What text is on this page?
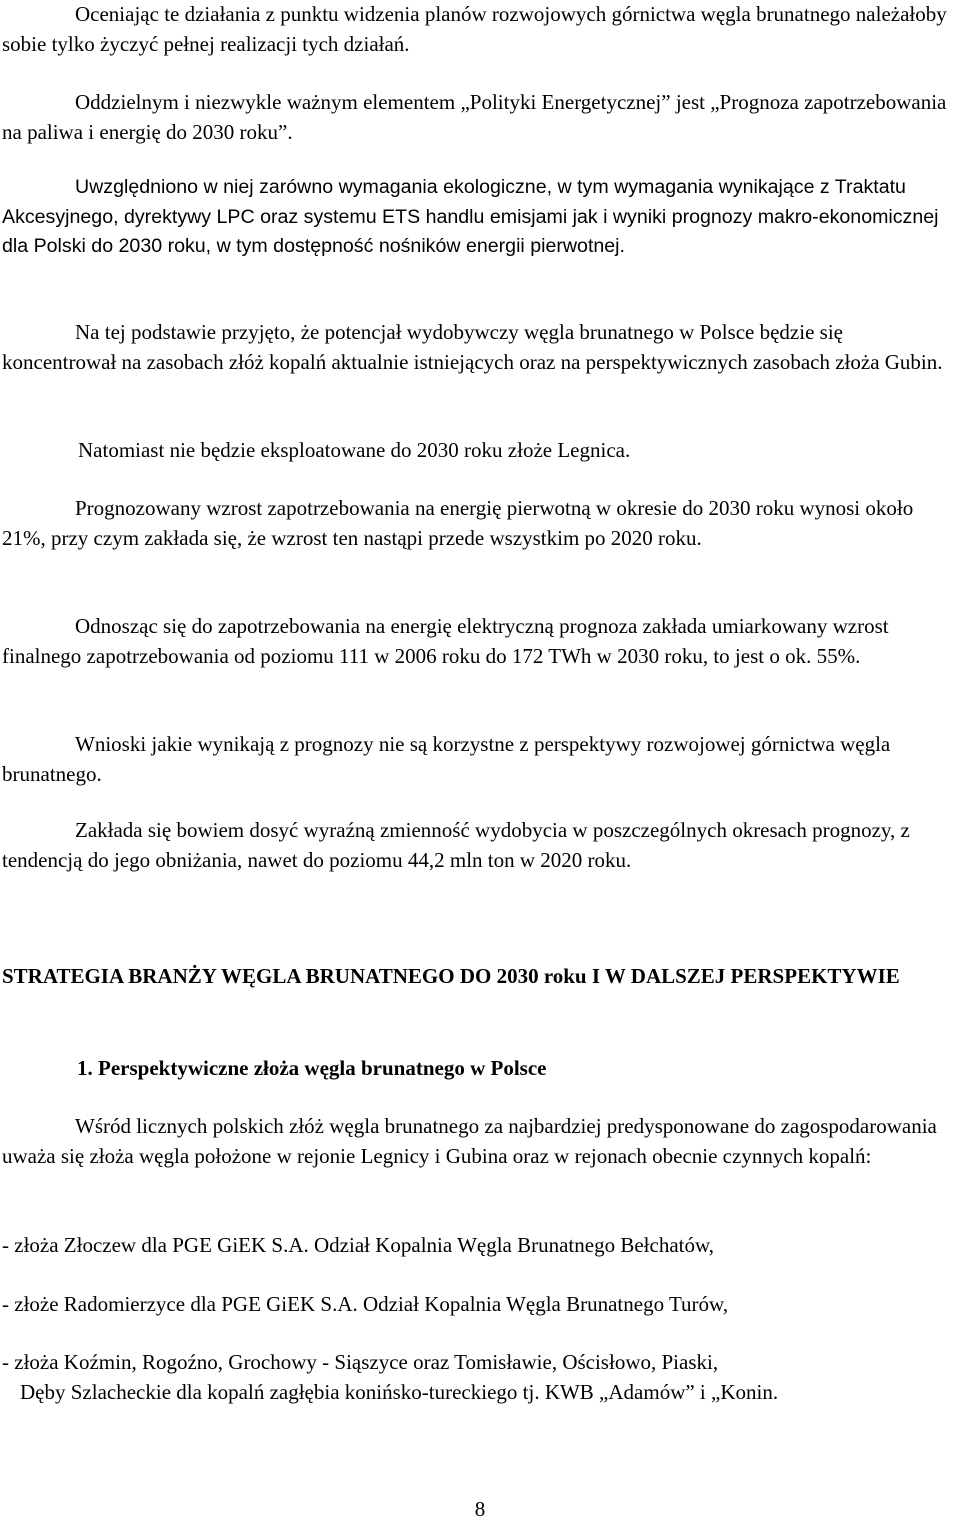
Oceniając te działania z punktu widzenia planów rozwojowych górnictwa węgla brunatnego należałoby sobie tylko życzyć pełnej realizacji tych działań.

Oddzielnym i niezwykle ważnym elementem „Polityki Energetycznej” jest „Prognoza zapotrzebowania na paliwa i energię do 2030 roku”.

Uwzględniono w niej zarówno wymagania ekologiczne, w tym wymagania wynikające z Traktatu Akcesyjnego, dyrektywy LPC oraz systemu ETS handlu emisjami jak i wyniki prognozy makro-ekonomicznej dla Polski do 2030 roku, w tym dostępność nośników energii pierwotnej.

Na tej podstawie przyjęto, że potencjał wydobywczy węgla brunatnego w Polsce będzie się koncentrował na zasobach złóż kopalń aktualnie istniejących oraz na perspektywicznych zasobach złoża Gubin.

Natomiast nie będzie eksploatowane do 2030 roku złoże Legnica.

Prognozowany wzrost zapotrzebowania na energię pierwotną w okresie do 2030 roku wynosi około 21%, przy czym zakłada się, że wzrost ten nastąpi przede wszystkim po 2020 roku.

Odnosząc się do zapotrzebowania na energię elektryczną prognoza zakłada umiarkowany wzrost finalnego zapotrzebowania od poziomu 111 w 2006 roku do 172 TWh w 2030 roku, to jest o ok. 55%.

Wnioski jakie wynikają z prognozy nie są korzystne z perspektywy rozwojowej górnictwa węgla brunatnego.

Zakłada się bowiem dosyć wyraźną zmienność wydobycia w poszczególnych okresach prognozy, z tendencją do jego obniżania, nawet do poziomu 44,2 mln ton w 2020 roku.

STRATEGIA BRANŻY WĘGLA BRUNATNEGO DO 2030 roku I W DALSZEJ PERSPEKTYWIE
1. Perspektywiczne złoża węgla brunatnego w Polsce

Wśród licznych polskich złóż węgla brunatnego za najbardziej predysponowane do zagospodarowania uważa się złoża węgla położone w rejonie Legnicy i Gubina oraz w rejonach obecnie czynnych kopalń:

- złoża Złoczew dla PGE GiEK S.A. Odział Kopalnia Węgla Brunatnego Bełchatów,

- złoże Radomierzyce dla PGE GiEK S.A. Odział Kopalnia Węgla Brunatnego Turów,

- złoża Koźmin, Rogoźno, Grochowy - Siąszyce oraz Tomisławie, Ościsłowo, Piaski,
Dęby Szlacheckie dla kopalń zagłębia konińsko-tureckiego tj. KWB „Adamów” i „Konin.

8
